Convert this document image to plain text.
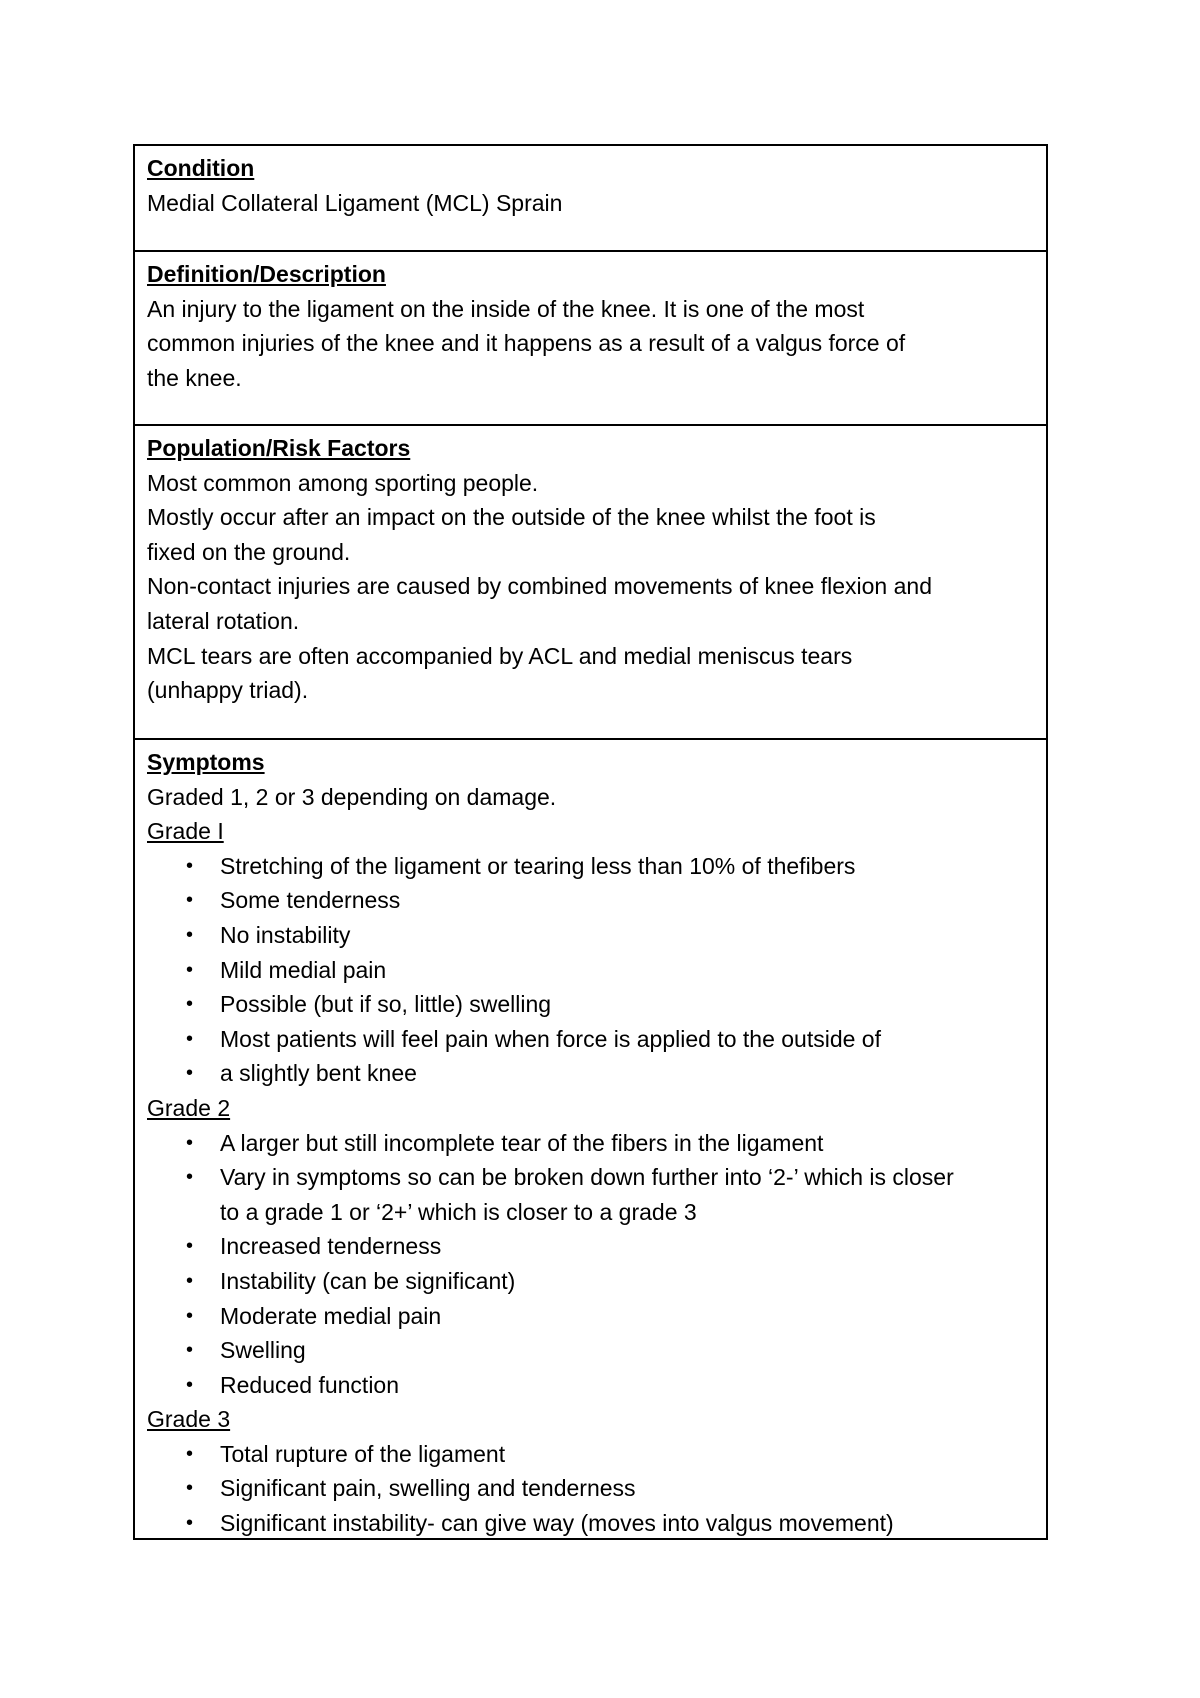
Condition
Medial Collateral Ligament (MCL) Sprain
Definition/Description
An injury to the ligament on the inside of the knee. It is one of the most
common injuries of the knee and it happens as a result of a valgus force of
the knee.
Population/Risk Factors
Most common among sporting people.
Mostly occur after an impact on the outside of the knee whilst the foot is
fixed on the ground.
Non-contact injuries are caused by combined movements of knee flexion and
lateral rotation.
MCL tears are often accompanied by ACL and medial meniscus tears
(unhappy triad).
Symptoms
Graded 1, 2 or 3 depending on damage.
Grade I
• Stretching of the ligament or tearing less than 10% of thefibers
• Some tenderness
• No instability
• Mild medial pain
• Possible (but if so, little) swelling
• Most patients will feel pain when force is applied to the outside of
• a slightly bent knee
Grade 2
• A larger but still incomplete tear of the fibers in the ligament
• Vary in symptoms so can be broken down further into ‘2-’ which is closer to a grade 1 or ‘2+’ which is closer to a grade 3
• Increased tenderness
• Instability (can be significant)
• Moderate medial pain
• Swelling
• Reduced function
Grade 3
• Total rupture of the ligament
• Significant pain, swelling and tenderness
• Significant instability- can give way (moves into valgus movement)
